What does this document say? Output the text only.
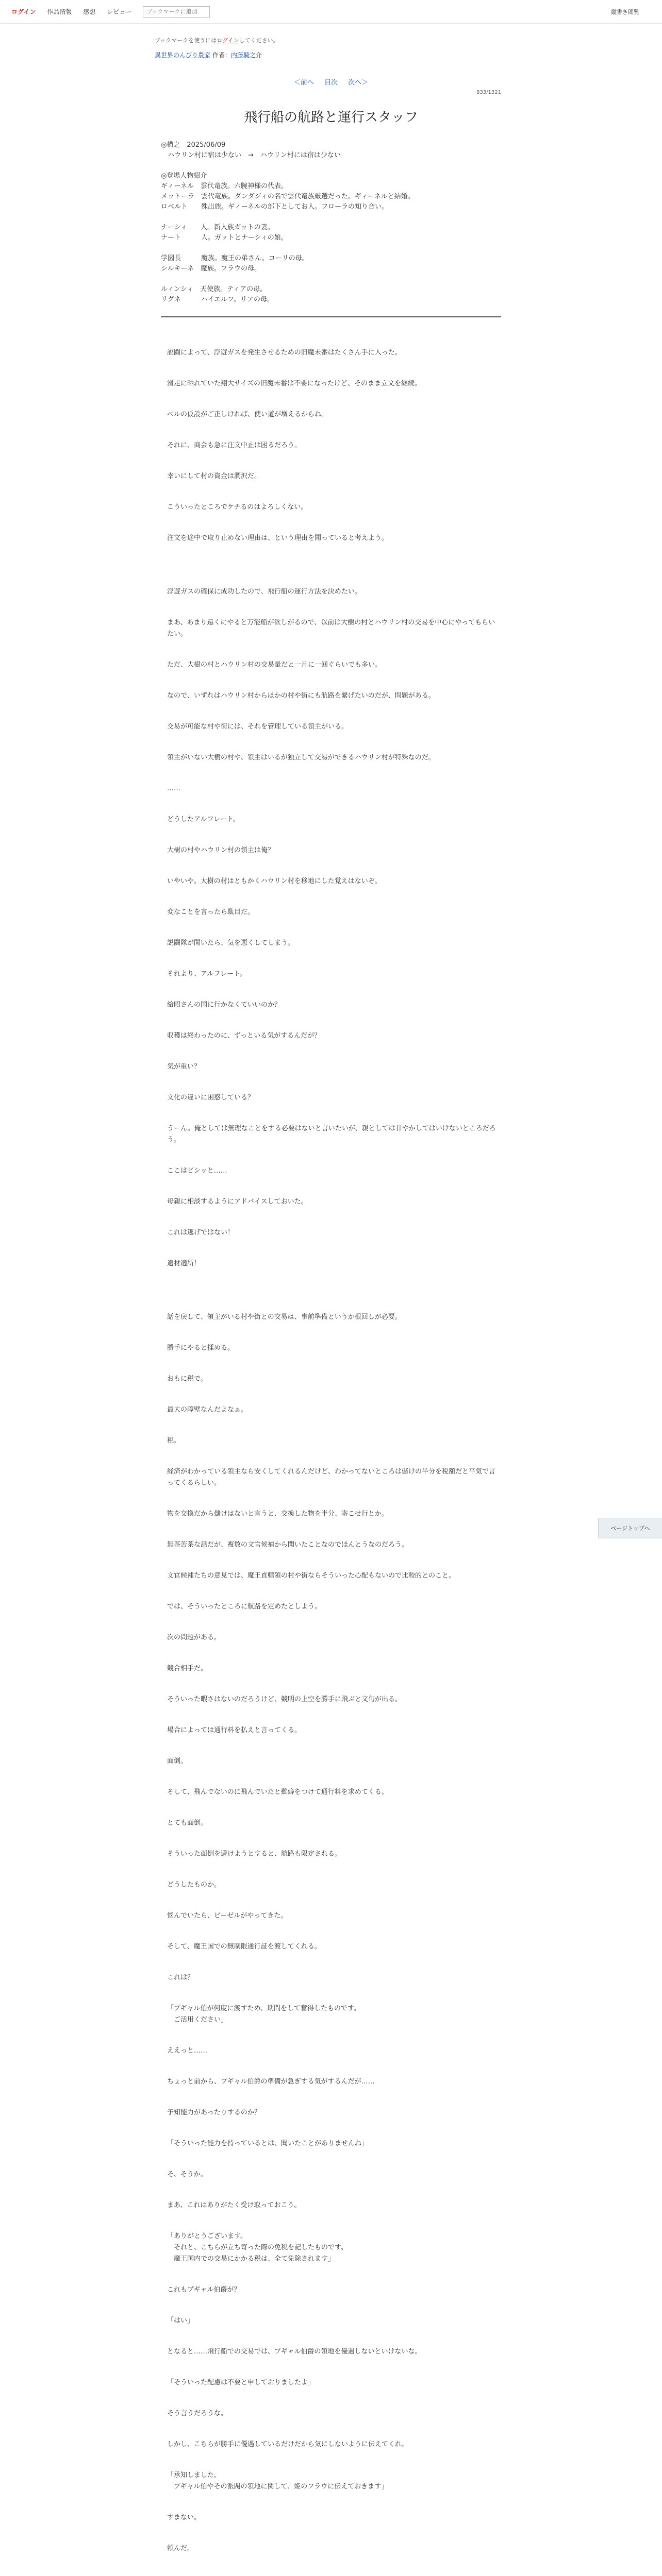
ログイン 作品情報 感想 レビュー
ブックマークに追加	縦書き閲覧
ブックマークを使うにはログインしてください。
異世界のんびり農家 作者：内藤騎之介
＜前へ 目次 次へ＞
833/1321
飛行船の航路と運行スタッフ

◎構之　2025/06/09

　ハウリン村に宿は少ない　→　ハウリン村には宿は少ない

◎登場人物紹介

ギィーネル　雲代竜族。六腕神様の代表。

メットーラ　雲代竜族。ダンダジィの名で雲代竜族厳選だった。ギィーネルと結婚。

ロベルト　　殊出族。ギィーネルの部下としてお人。フローラの知り合い。

ナーシィ　　人。新入族ガットの妻。

ナート　　　人。ガットとナーシィの娘。

学園長　　　魔族。魔王の弟さん。コーリの母。

シルキーネ　魔族。フラウの母。

ルィンシィ　天使族。ティアの母。

リグネ　　　ハイエルフ。リアの母。

説闘によって、浮遊ガスを発生させるための旧魔未番はたくさん手に入った。

滑走に晒れていた翔大サイズの旧魔未番は不要になったけど、そのまま立文を継続。

ベルの仮設がご正しければ、使い道が増えるからね。

それに、商会も急に注文中止は困るだろう。

幸いにして村の資金は潤沢だ。

こういったところでケチるのはよろしくない。

注文を途中で取り止めない理由は、という理由を聞っていると考えよう。

浮遊ガスの確保に成功したので、飛行船の運行方法を決めたい。

まあ、あまり遠くにやると万能船が欲しがるので、以前は大樹の村とハウリン村の交易を中心にやってもらいたい。

ただ、大樹の村とハウリン村の交易量だと一月に一回ぐらいでも多い。

なので、いずれはハウリン村からほかの村や街にも航路を繋げたいのだが、問題がある。

交易が可能な村や街には、それを管理している領主がいる。

領主がいない大樹の村や、領主はいるが独立して交易ができるハウリン村が特殊なのだ。

……

どうしたアルフレート。

大樹の村やハウリン村の領主は俺？

いやいや。大樹の村はともかくハウリン村を移地にした覚えはないぞ。

変なことを言ったら駄目だ。

説闘隊が聞いたら、気を悪くしてしまう。

それより、アルフレート。

給昭さんの国に行かなくていいのか？

収穫は終わったのに、ずっといる気がするんだが？

気が重い？

文化の違いに困惑している？

うーん。俺としては無理なことをする必要はないと言いたいが、親としては甘やかしてはいけないところだろう。

ここはビシッと……

母親に相談するようにアドバイスしておいた。

これは逃げではない！

適材適所！

話を戻して、領主がいる村や街との交易は、事前準備というか根回しが必要。

勝手にやると揉める。

おもに税で。

最大の障壁なんだよなぁ。

税。

経済がわかっている領主なら安くしてくれるんだけど、わかってないところは儲けの半分を税額だと平気で言ってくるらしい。

物を交換だから儲けはないと言うと、交換した物を半分、寄こせ行とか。

無茶苦茶な話だが、複数の文官候補から聞いたことなのでほんとうなのだろう。

文官候補たちの意見では、魔王直轄領の村や街ならそういった心配もないので比較的とのこと。

では、そういったところに航路を定めたとしよう。

次の問題がある。

競合相手だ。

そういった暇さはないのだろうけど、競明の上空を勝手に飛ぶと文句が出る。

場合によっては通行料を払えと言ってくる。

面倒。

そして、飛んでないのに飛んでいたと難癖をつけて通行料を求めてくる。

とても面倒。

そういった面倒を避けようとすると、航路も限定される。

どうしたものか。

悩んでいたら、ビーゼルがやってきた。

そして、魔王国での無制限通行証を渡してくれる。

これは？

「プギャル伯が何度に渡すため、期間をして奮得したものです。
　ご活用ください」

ええっと……

ちょっと前から、プギャル伯爵の準備が急ぎする気がするんだが……

予知能力があったりするのか？

「そういった能力を持っているとは、聞いたことがありませんね」

そ、そうか。

まあ、これはありがたく受け取っておこう。

「ありがとうございます。
　それと、こちらが立ち寄った際の免税を記したものです。
　魔王国内での交易にかかる税は、全て免除されます」

これもプギャル伯爵が？

「はい」

となると……飛行船での交易では、プギャル伯爵の領地を優遇しないといけないな。

「そういった配慮は不要と申しておりましたよ」

そう言うだろうな。

しかし、こちらが勝手に優遇しているだけだから気にしないように伝えてくれ。

「承知しました。
　プギャル伯やその派閥の領地に関して、姫のフラウに伝えておきます」

すまない。

頼んだ。

ページトップへ
